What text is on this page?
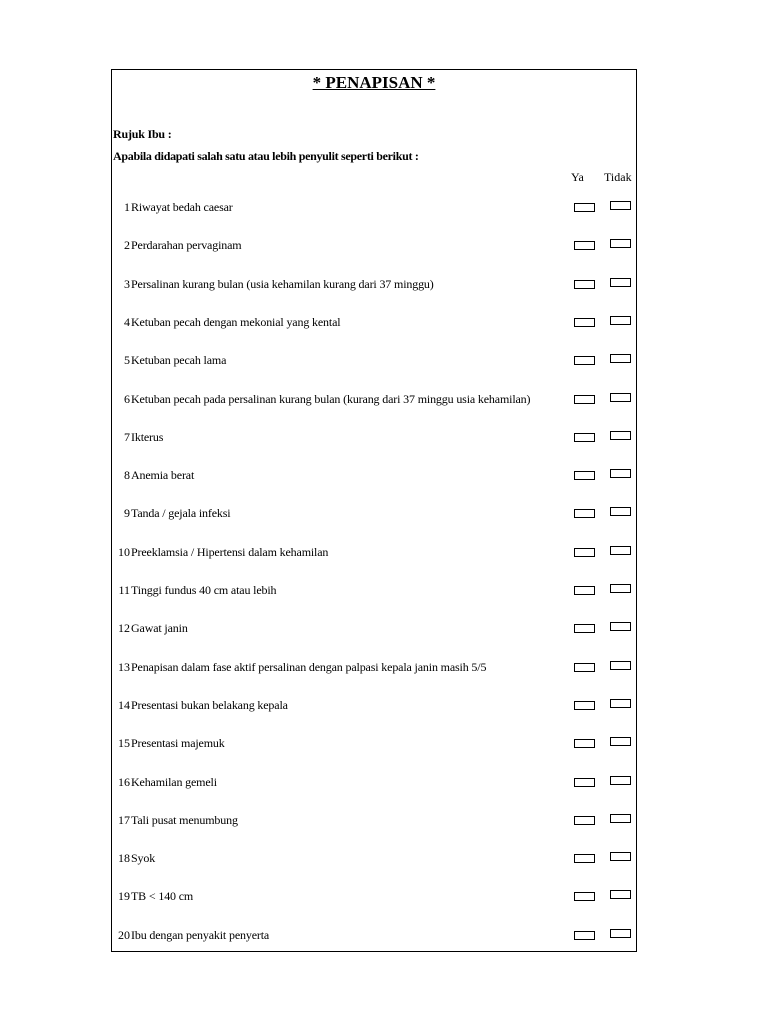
* PENAPISAN *
Rujuk Ibu :
Apabila didapati salah satu atau lebih penyulit seperti berikut :
Ya Tidak
1 Riwayat bedah caesar
2 Perdarahan pervaginam
3 Persalinan kurang bulan (usia kehamilan kurang dari 37 minggu)
4 Ketuban pecah dengan mekonial yang kental
5 Ketuban pecah lama
6 Ketuban pecah pada persalinan kurang bulan (kurang dari 37 minggu usia kehamilan)
7 Ikterus
8 Anemia berat
9 Tanda / gejala infeksi
10 Preeklamsia / Hipertensi dalam kehamilan
11 Tinggi fundus 40 cm atau lebih
12 Gawat janin
13 Penapisan dalam fase aktif persalinan dengan palpasi kepala janin masih 5/5
14 Presentasi bukan belakang kepala
15 Presentasi majemuk
16 Kehamilan gemeli
17 Tali pusat menumbung
18 Syok
19 TB < 140 cm
20 Ibu dengan penyakit penyerta
